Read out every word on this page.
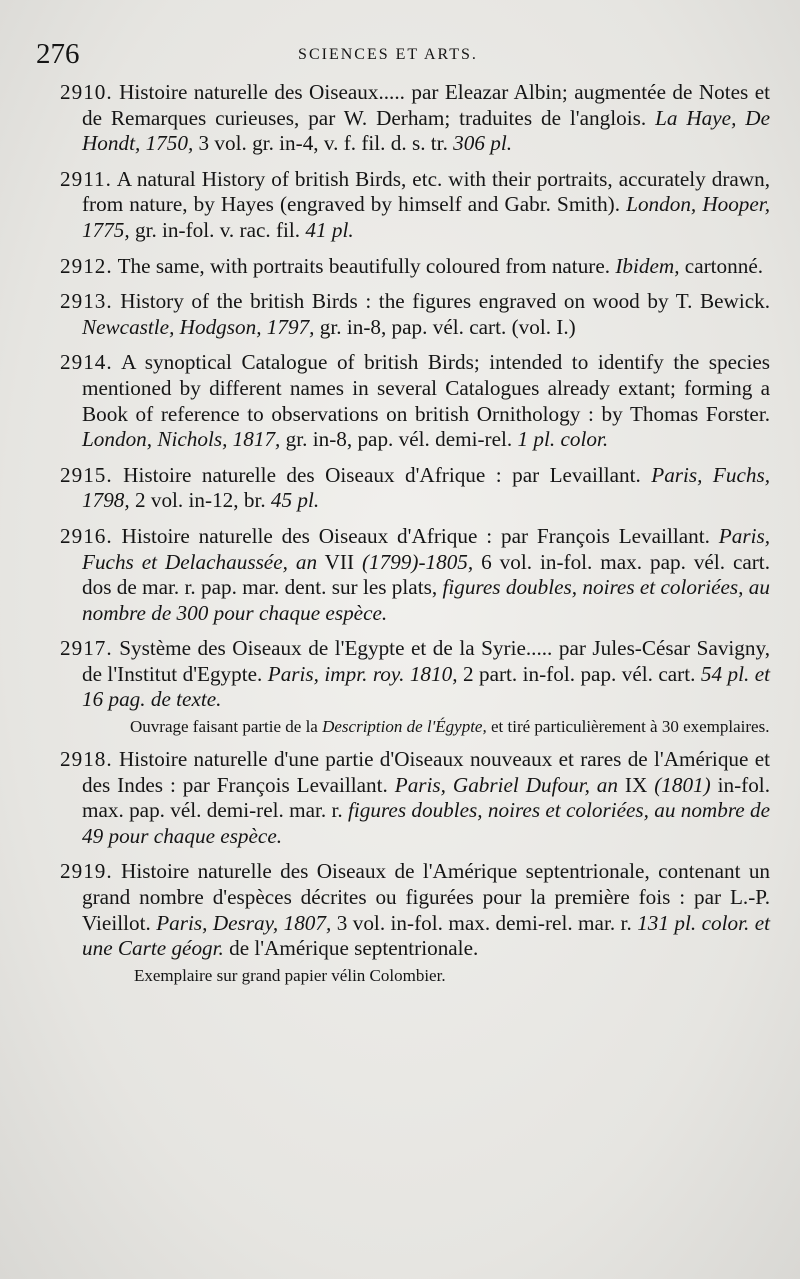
276	SCIENCES ET ARTS.
2910. Histoire naturelle des Oiseaux..... par Eleazar Albin; augmentée de Notes et de Remarques curieuses, par W. Derham; traduites de l'anglois. La Haye, De Hondt, 1750, 3 vol. gr. in-4, v. f. fil. d. s. tr. 306 pl.
2911. A natural History of british Birds, etc. with their portraits, accurately drawn, from nature, by Hayes (engraved by himself and Gabr. Smith). London, Hooper, 1775, gr. in-fol. v. rac. fil. 41 pl.
2912. The same, with portraits beautifully coloured from nature. Ibidem, cartonné.
2913. History of the british Birds : the figures engraved on wood by T. Bewick. Newcastle, Hodgson, 1797, gr. in-8, pap. vél. cart. (vol. I.)
2914. A synoptical Catalogue of british Birds; intended to identify the species mentioned by different names in several Catalogues already extant; forming a Book of reference to observations on british Ornithology : by Thomas Forster. London, Nichols, 1817, gr. in-8, pap. vél. demi-rel. 1 pl. color.
2915. Histoire naturelle des Oiseaux d'Afrique : par Levaillant. Paris, Fuchs, 1798, 2 vol. in-12, br. 45 pl.
2916. Histoire naturelle des Oiseaux d'Afrique : par François Levaillant. Paris, Fuchs et Delachaussée, an VII (1799)-1805, 6 vol. in-fol. max. pap. vél. cart. dos de mar. r. pap. mar. dent. sur les plats, figures doubles, noires et coloriées, au nombre de 300 pour chaque espèce.
2917. Système des Oiseaux de l'Egypte et de la Syrie..... par Jules-César Savigny, de l'Institut d'Egypte. Paris, impr. roy. 1810, 2 part. in-fol. pap. vél. cart. 54 pl. et 16 pag. de texte.
Ouvrage faisant partie de la Description de l'Égypte, et tiré particulièrement à 30 exemplaires.
2918. Histoire naturelle d'une partie d'Oiseaux nouveaux et rares de l'Amérique et des Indes : par François Levaillant. Paris, Gabriel Dufour, an IX (1801) in-fol. max. pap. vél. demi-rel. mar. r. figures doubles, noires et coloriées, au nombre de 49 pour chaque espèce.
2919. Histoire naturelle des Oiseaux de l'Amérique septentrionale, contenant un grand nombre d'espèces décrites ou figurées pour la première fois : par L.-P. Vieillot. Paris, Desray, 1807, 3 vol. in-fol. max. demi-rel. mar. r. 131 pl. color. et une Carte géogr. de l'Amérique septentrionale.
Exemplaire sur grand papier vélin Colombier.
